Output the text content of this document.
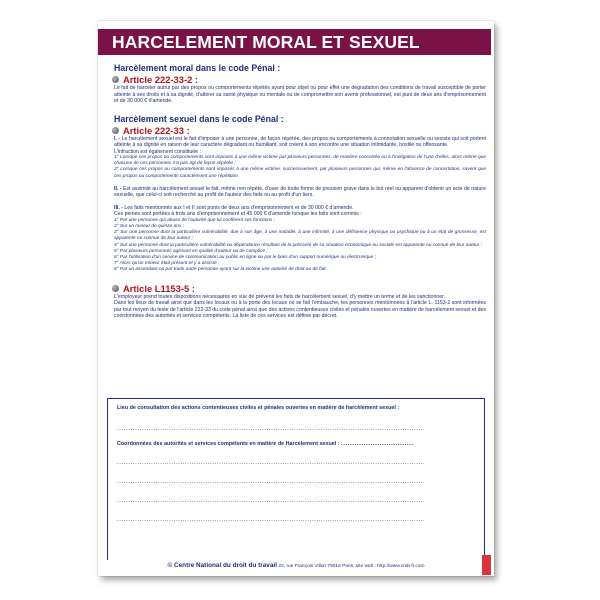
HARCELEMENT MORAL ET SEXUEL
Harcèlement moral dans le code Pénal :
Article 222-33-2 :
Le fait de harceler autrui par des propos ou comportements répétés ayant pour objet ou pour effet une dégradation des conditions de travail susceptible de porter atteinte à ses droits et à sa dignité, d'altérer sa santé physique ou mentale ou de compromettre son avenir professionnel, est puni de deux ans d'emprisonnement et de 30 000 € d'amende.
Harcèlement sexuel dans le code Pénal :
Article 222-33 :
I. - Le harcèlement sexuel est le fait d'imposer à une personne, de façon répétée, des propos ou comportements à connotation sexuelle ou sexiste qui soit portent atteinte à sa dignité en raison de leur caractère dégradant ou humiliant, soit créent à son encontre une situation intimidante, hostile ou offensante.
L'infraction est également constituée :
1° Lorsque ces propos ou comportements sont imposés à une même victime par plusieurs personnes, de manière concertée ou à l'instigation de l'une d'elles, alors même que chacune de ces personnes n'a pas agi de façon répétée ;
2° Lorsque ces propos ou comportements sont imposés à une même victime, successivement, par plusieurs personnes qui, même en l'absence de concertation, savent que ces propos ou comportements caractérisent une répétition.
II. - Est assimilé au harcèlement sexuel le fait, même non répété, d'user de toute forme de pression grave dans le but réel ou apparent d'obtenir un acte de nature sexuelle, que celui-ci soit recherché au profit de l'auteur des faits ou au profit d'un tiers.
III. - Les faits mentionnés aux I et II sont punis de deux ans d'emprisonnement et de 30 000 € d'amende.
Ces peines sont portées à trois ans d'emprisonnement et 45 000 € d'amende lorsque les faits sont commis :
1° Par une personne qui abuse de l'autorité que lui confèrent ses fonctions ;
2° Sur un mineur de quinze ans ;
3° Sur une personne dont la particulière vulnérabilité, due à son âge, à une maladie, à une infirmité, à une déficience physique ou psychique ou à un état de grossesse, est apparente ou connue de leur auteur ;
4° Sur une personne dont la particulière vulnérabilité ou dépendance résultant de la précarité de sa situation économique ou sociale est apparente ou connue de leur auteur ;
5° Par plusieurs personnes agissant en qualité d'auteur ou de complice ;
6° Par l'utilisation d'un service de communication au public en ligne ou par le biais d'un support numérique ou électronique ;
7° Alors qu'un mineur était présent et y a assisté ;
8° Par un ascendant ou par toute autre personne ayant sur la victime une autorité de droit ou de fait.
Article L1153-5 :
L'employeur prend toutes dispositions nécessaires en vue de prévenir les faits de harcèlement sexuel, d'y mettre un terme et de les sanctionner.
Dans les lieux de travail ainsi que dans les locaux ou à la porte des locaux où se fait l'embauche, les personnes mentionnées à l'article L. 1153-2 sont informées par tout moyen du texte de l'article 222-33 du code pénal ainsi que des actions contentieuses civiles et pénales ouvertes en matière de harcèlement sexuel et des coordonnées des autorités et services compétents. La liste de ces services est définie par décret.
Lieu de consultation des actions contentieuses civiles et pénales ouvertes en matière de harcèlement sexuel :
........................................................................................................................................
Coordonnées des autorités et services compétents en matière de Harcèlement sexuel : ................................
........................................................................................................................................
........................................................................................................................................
........................................................................................................................................
........................................................................................................................................
© Centre National du droit du travail 22, rue François Villon 75015 Paris, site web : http://www.cndt-fr.com
